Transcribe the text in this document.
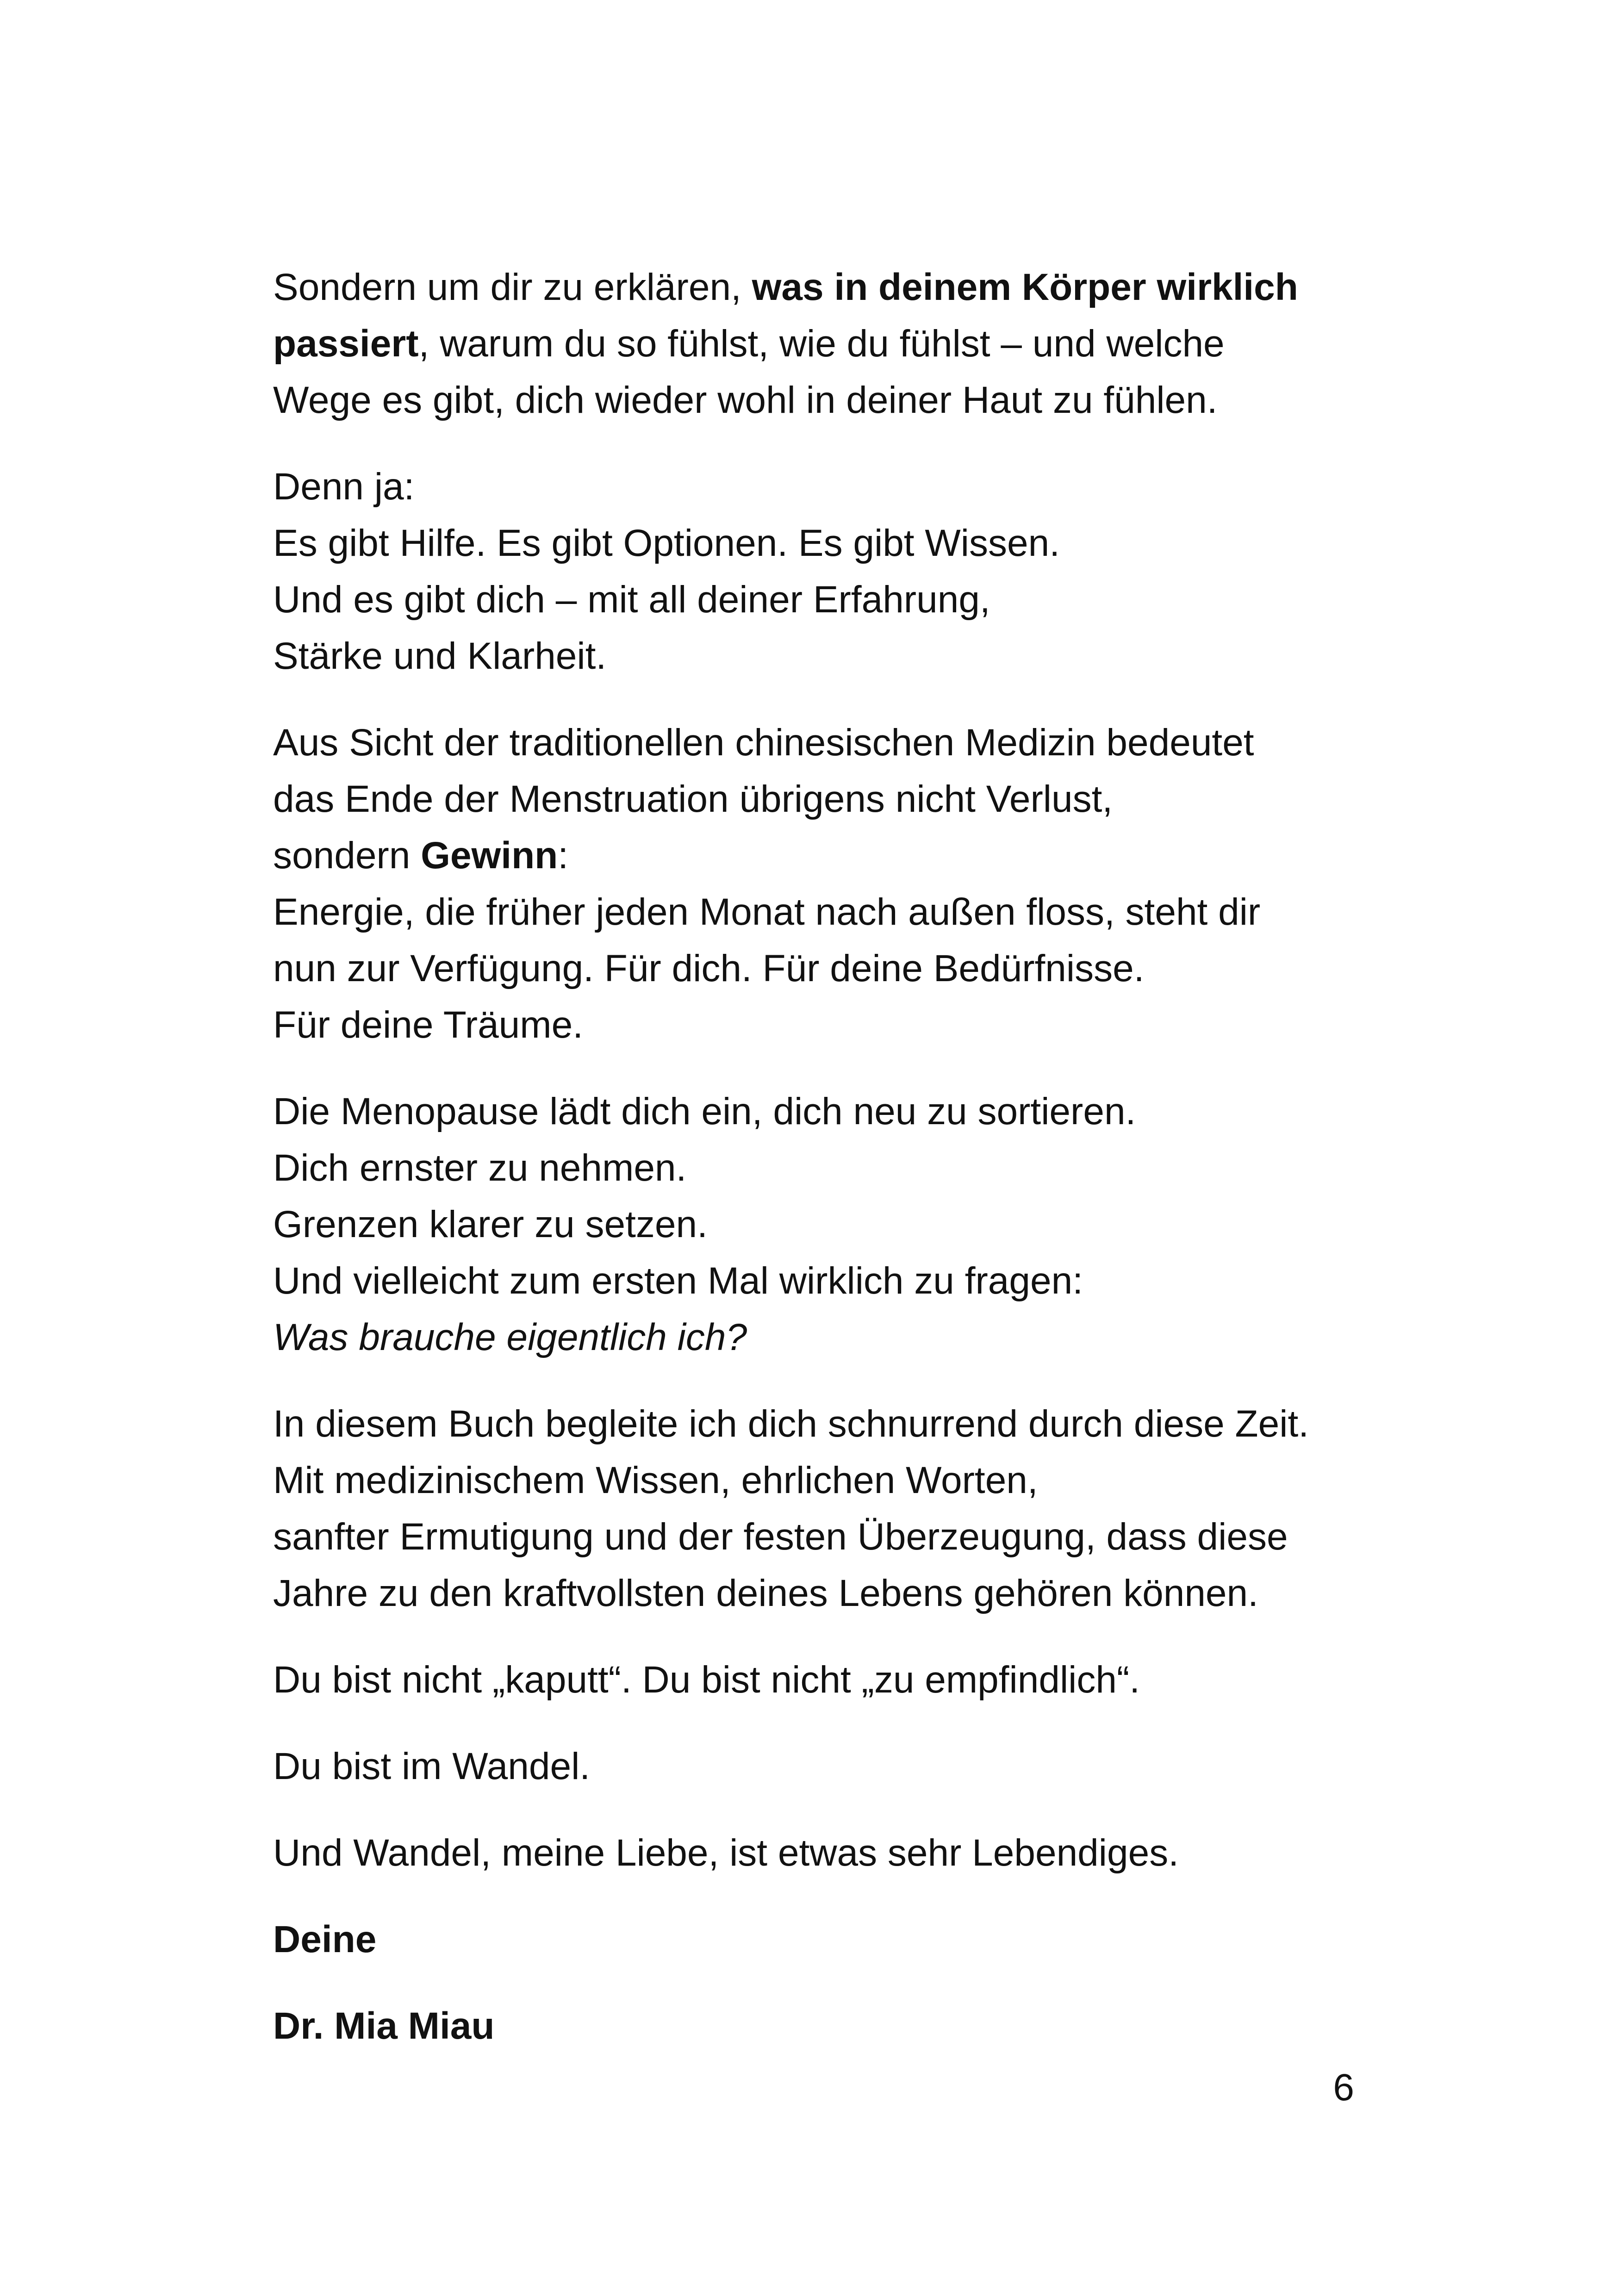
Sondern um dir zu erklären, was in deinem Körper wirklich
passiert, warum du so fühlst, wie du fühlst – und welche
Wege es gibt, dich wieder wohl in deiner Haut zu fühlen.

Denn ja:
Es gibt Hilfe. Es gibt Optionen. Es gibt Wissen.
Und es gibt dich – mit all deiner Erfahrung,
Stärke und Klarheit.

Aus Sicht der traditionellen chinesischen Medizin bedeutet
das Ende der Menstruation übrigens nicht Verlust,
sondern Gewinn:
Energie, die früher jeden Monat nach außen floss, steht dir
nun zur Verfügung. Für dich. Für deine Bedürfnisse.
Für deine Träume.

Die Menopause lädt dich ein, dich neu zu sortieren.
Dich ernster zu nehmen.
Grenzen klarer zu setzen.
Und vielleicht zum ersten Mal wirklich zu fragen:
Was brauche eigentlich ich?

In diesem Buch begleite ich dich schnurrend durch diese Zeit.
Mit medizinischem Wissen, ehrlichen Worten,
sanfter Ermutigung und der festen Überzeugung, dass diese
Jahre zu den kraftvollsten deines Lebens gehören können.

Du bist nicht „kaputt“. Du bist nicht „zu empfindlich“.

Du bist im Wandel.

Und Wandel, meine Liebe, ist etwas sehr Lebendiges.

Deine

Dr. Mia Miau

6
